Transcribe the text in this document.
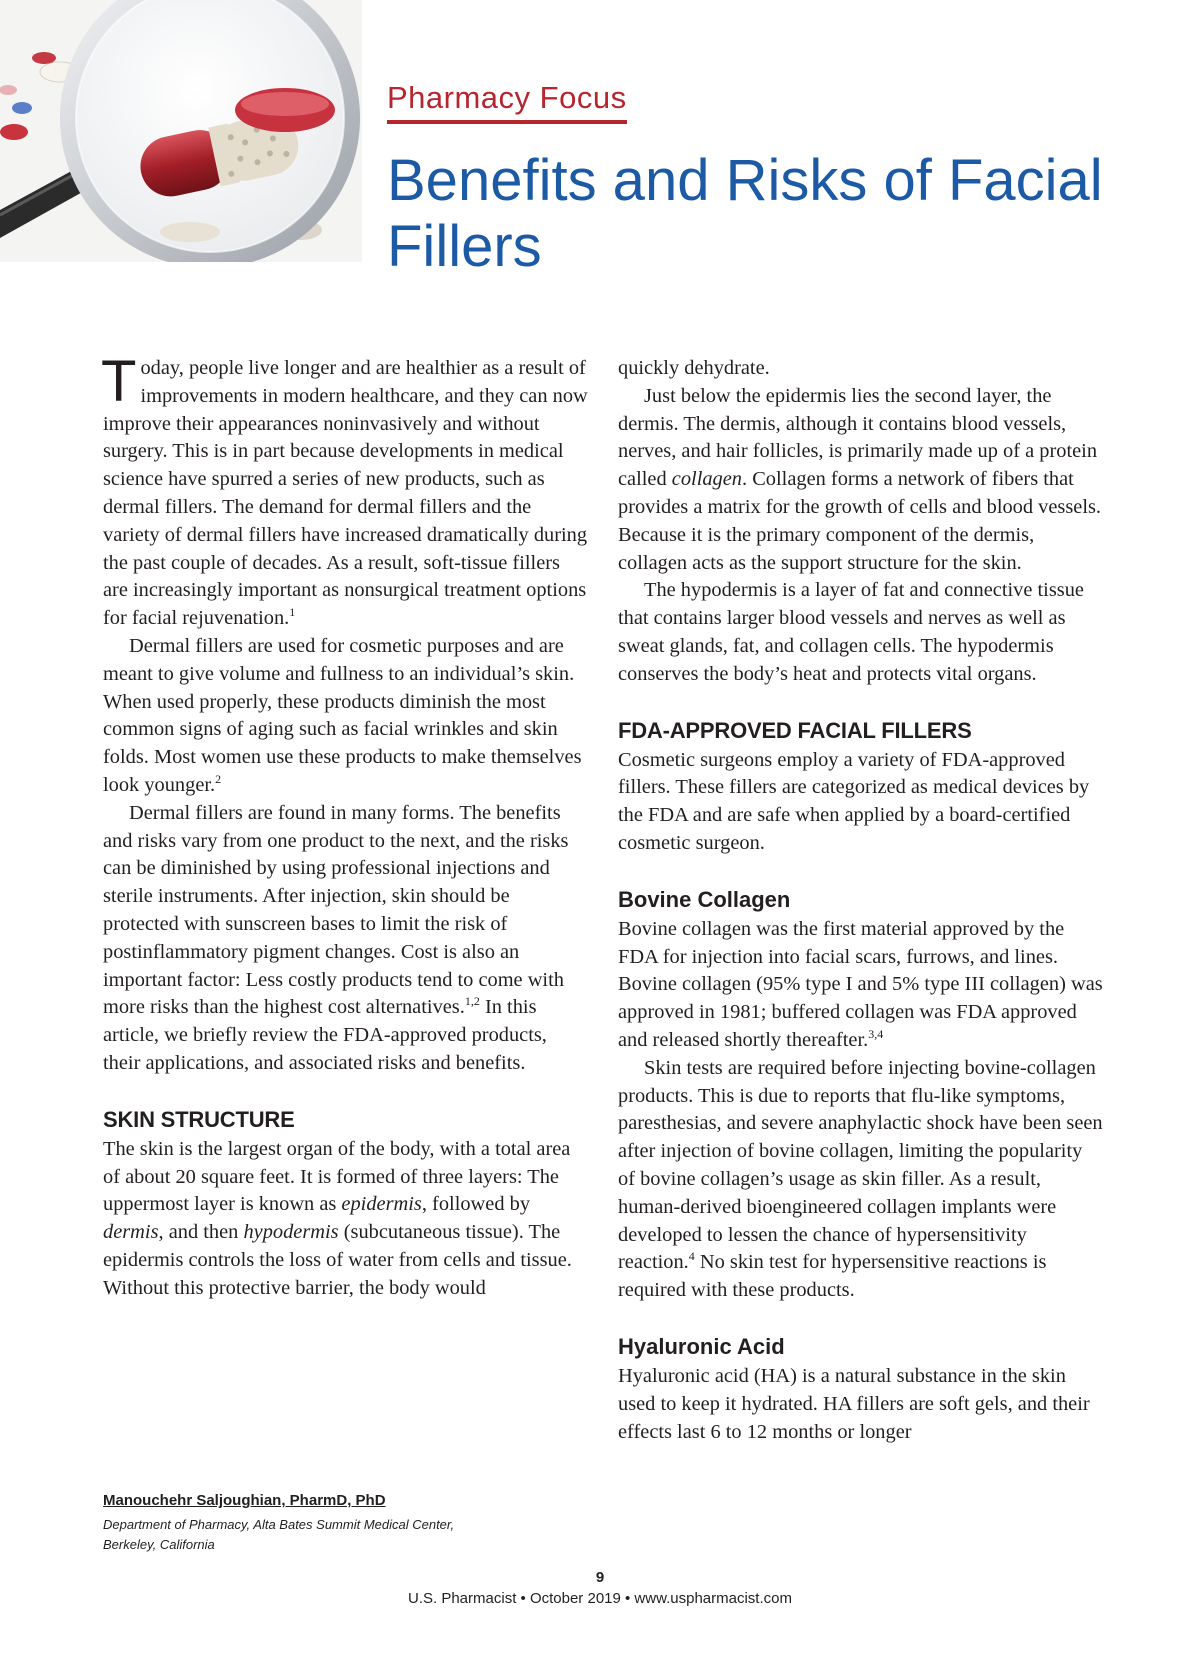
Pharmacy Focus
Benefits and Risks of Facial Fillers

Today, people live longer and are healthier as a result of improvements in modern healthcare, and they can now improve their appearances noninvasively and without surgery. This is in part because developments in medical science have spurred a series of new products, such as dermal fillers. The demand for dermal fillers and the variety of dermal fillers have increased dramatically during the past couple of decades. As a result, soft-tissue fillers are increasingly important as nonsurgical treatment options for facial rejuvenation.$^1$

Dermal fillers are used for cosmetic purposes and are meant to give volume and fullness to an individual’s skin. When used properly, these products diminish the most common signs of aging such as facial wrinkles and skin folds. Most women use these products to make themselves look younger.$^2$

Dermal fillers are found in many forms. The benefits and risks vary from one product to the next, and the risks can be diminished by using professional injections and sterile instruments. After injection, skin should be protected with sunscreen bases to limit the risk of postinflammatory pigment changes. Cost is also an important factor: Less costly products tend to come with more risks than the highest cost alternatives.$^{1,2}$ In this article, we briefly review the FDA-approved products, their applications, and associated risks and benefits.

SKIN STRUCTURE

The skin is the largest organ of the body, with a total area of about 20 square feet. It is formed of three layers: The uppermost layer is known as epidermis, followed by dermis, and then hypodermis (subcutaneous tissue). The epidermis controls the loss of water from cells and tissue. Without this protective barrier, the body would

quickly dehydrate.

Just below the epidermis lies the second layer, the dermis. The dermis, although it contains blood vessels, nerves, and hair follicles, is primarily made up of a protein called collagen. Collagen forms a network of fibers that provides a matrix for the growth of cells and blood vessels. Because it is the primary component of the dermis, collagen acts as the support structure for the skin.

The hypodermis is a layer of fat and connective tissue that contains larger blood vessels and nerves as well as sweat glands, fat, and collagen cells. The hypodermis conserves the body’s heat and protects vital organs.

FDA-APPROVED FACIAL FILLERS

Cosmetic surgeons employ a variety of FDA-approved fillers. These fillers are categorized as medical devices by the FDA and are safe when applied by a board-certified cosmetic surgeon.

Bovine Collagen

Bovine collagen was the first material approved by the FDA for injection into facial scars, furrows, and lines. Bovine collagen (95% type I and 5% type III collagen) was approved in 1981; buffered collagen was FDA approved and released shortly thereafter.$^{3,4}$

Skin tests are required before injecting bovine-collagen products. This is due to reports that flu-like symptoms, paresthesias, and severe anaphylactic shock have been seen after injection of bovine collagen, limiting the popularity of bovine collagen’s usage as skin filler. As a result, human-derived bioengineered collagen implants were developed to lessen the chance of hypersensitivity reaction.$^4$ No skin test for hypersensitive reactions is required with these products.

Hyaluronic Acid

Hyaluronic acid (HA) is a natural substance in the skin used to keep it hydrated. HA fillers are soft gels, and their effects last 6 to 12 months or longer

Manouchehr Saljoughian, PharmD, PhD
Department of Pharmacy, Alta Bates Summit Medical Center,
Berkeley, California
9
U.S. Pharmacist • October 2019 • www.uspharmacist.com
